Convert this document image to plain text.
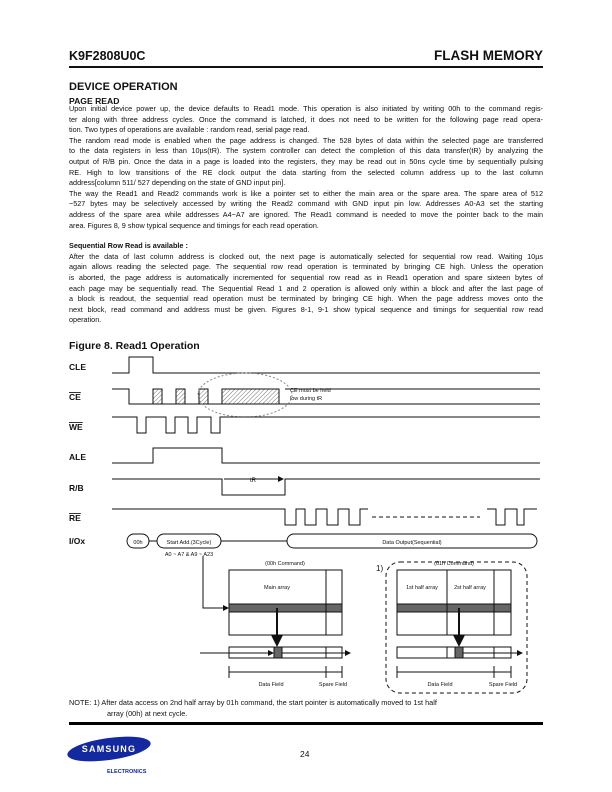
K9F2808U0C	FLASH MEMORY
DEVICE OPERATION
PAGE READ
Upon initial device power up, the device defaults to Read1 mode. This operation is also initiated by writing 00h to the command regis-
ter along with three address cycles. Once the command is latched, it does not need to be written for the following page read opera-
tion. Two types of operations are available : random read, serial page read.
The random read mode is enabled when the page address is changed. The 528 bytes of data within the selected page are transferred
to the data registers in less than 10µs(tR). The system controller can detect the completion of this data transfer(tR) by analyzing the
output of R/B pin. Once the data in a page is loaded into the registers, they may be read out in 50ns cycle time by sequentially pulsing
RE. High to low transitions of the RE clock output the data starting from the selected column address up to the last column
address[column 511/ 527 depending on the state of GND input pin].
The way the Read1 and Read2 commands work is like a pointer set to either the main area or the spare area. The spare area of 512
~527 bytes may be selectively accessed by writing the Read2 command with GND input pin low. Addresses A0-A3 set the starting
address of the spare area while addresses A4~A7 are ignored. The Read1 command is needed to move the pointer back to the main
area. Figures 8, 9 show typical sequence and timings for each read operation.
Sequential Row Read is available :
After the data of last column address is clocked out, the next page is automatically selected for sequential row read. Waiting 10µs
again allows reading the selected page. The sequential row read operation is terminated by bringing CE high. Unless the operation
is aborted, the page address is automatically incremented for sequential row read as in Read1 operation and spare sixteen bytes of
each page may be sequentially read. The Sequential Read 1 and 2 operation is allowed only within a block and after the last page of
a block is readout, the sequential read operation must be terminated by bringing CE high. When the page address moves onto the
next block, read command and address must be given. Figures 8-1, 9-1 show typical sequence and timings for sequential row read
operation.
Figure 8. Read1 Operation
CLE
CE
WE
ALE
R/B
RE
I/Ox
CE must be held
low during tR
tR
00h	Start Add.(3Cycle)
A0 ~ A7 & A9 ~ A23
Data Output(Sequential)
(00h Command)
Main array
Data Field	Spare Field
1)	(01h Command)
1st half array	2st half array
Data Field	Spare Field
SAMSUNG
ELECTRONICS
NOTE: 1) After data access on 2nd half array by 01h command, the start pointer is automatically moved to 1st half
array (00h) at next cycle.
24
